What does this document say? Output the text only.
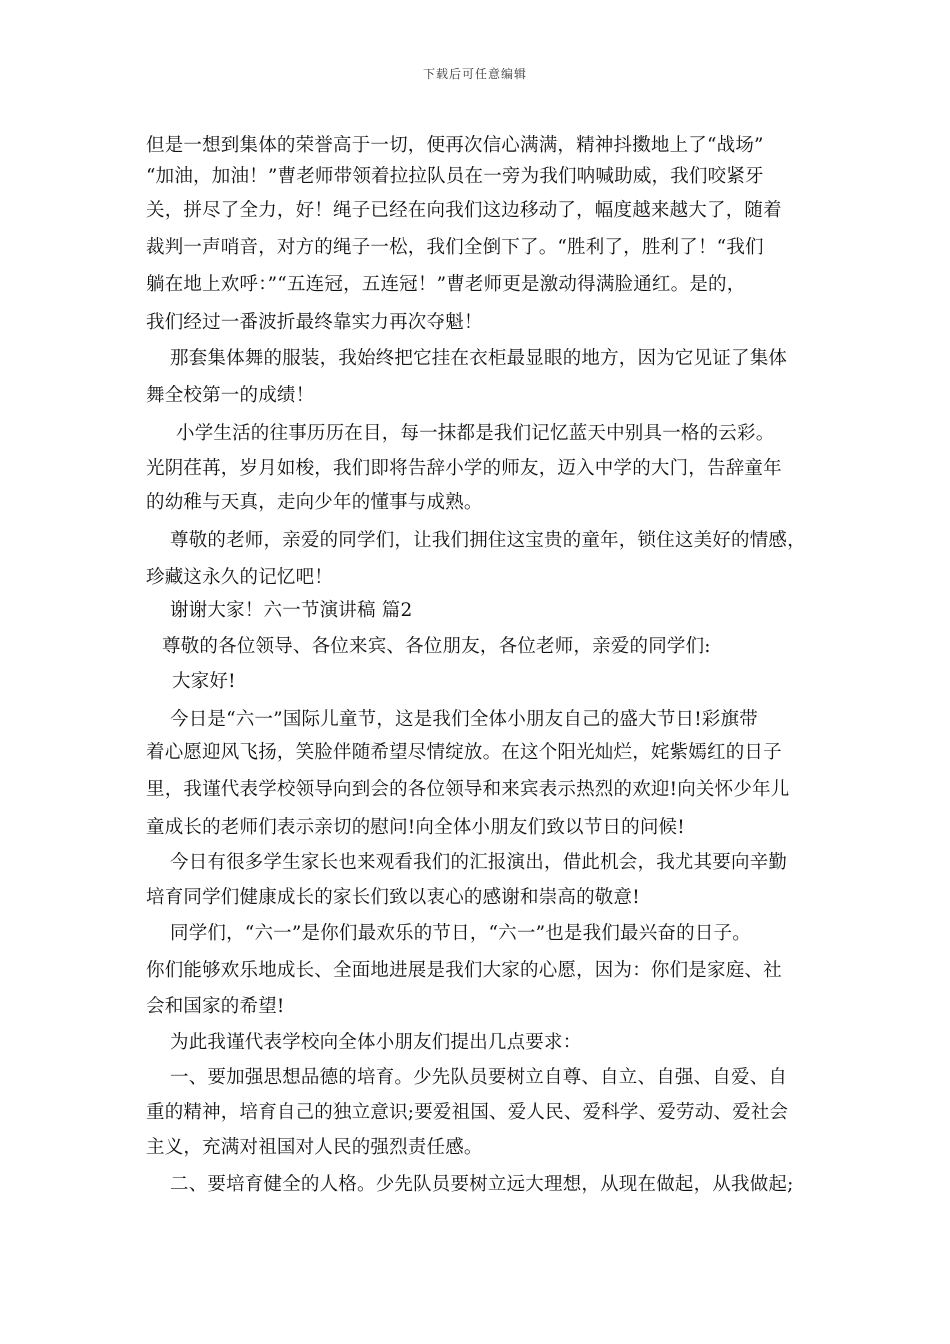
下载后可任意编辑
但是一想到集体的荣誉高于一切，便再次信心满满，精神抖擞地上了“战场”
“加油，加油！”曹老师带领着拉拉队员在一旁为我们呐喊助威，我们咬紧牙
关，拼尽了全力，好！绳子已经在向我们这边移动了，幅度越来越大了，随着
裁判一声哨音，对方的绳子一松，我们全倒下了。“胜利了，胜利了！“我们
躺在地上欢呼：”“五连冠，五连冠！”曹老师更是激动得满脸通红。是的，
我们经过一番波折最终靠实力再次夺魁！
那套集体舞的服装，我始终把它挂在衣柜最显眼的地方，因为它见证了集体
舞全校第一的成绩！
小学生活的往事历历在目，每一抹都是我们记忆蓝天中别具一格的云彩。
光阴荏苒，岁月如梭，我们即将告辞小学的师友，迈入中学的大门，告辞童年
的幼稚与天真，走向少年的懂事与成熟。
尊敬的老师，亲爱的同学们，让我们拥住这宝贵的童年，锁住这美好的情感，
珍藏这永久的记忆吧！
谢谢大家！六一节演讲稿 篇2
尊敬的各位领导、各位来宾、各位朋友，各位老师，亲爱的同学们:
大家好!
今日是“六一”国际儿童节，这是我们全体小朋友自己的盛大节日!彩旗带
着心愿迎风飞扬，笑脸伴随希望尽情绽放。在这个阳光灿烂，姹紫嫣红的日子
里，我谨代表学校领导向到会的各位领导和来宾表示热烈的欢迎!向关怀少年儿
童成长的老师们表示亲切的慰问!向全体小朋友们致以节日的问候!
今日有很多学生家长也来观看我们的汇报演出，借此机会，我尤其要向辛勤
培育同学们健康成长的家长们致以衷心的感谢和崇高的敬意!
同学们，“六一”是你们最欢乐的节日，“六一”也是我们最兴奋的日子。
你们能够欢乐地成长、全面地进展是我们大家的心愿，因为：你们是家庭、社
会和国家的希望!
为此我谨代表学校向全体小朋友们提出几点要求：
一、要加强思想品德的培育。少先队员要树立自尊、自立、自强、自爱、自
重的精神，培育自己的独立意识;要爱祖国、爱人民、爱科学、爱劳动、爱社会
主义，充满对祖国对人民的强烈责任感。
二、要培育健全的人格。少先队员要树立远大理想，从现在做起，从我做起;
